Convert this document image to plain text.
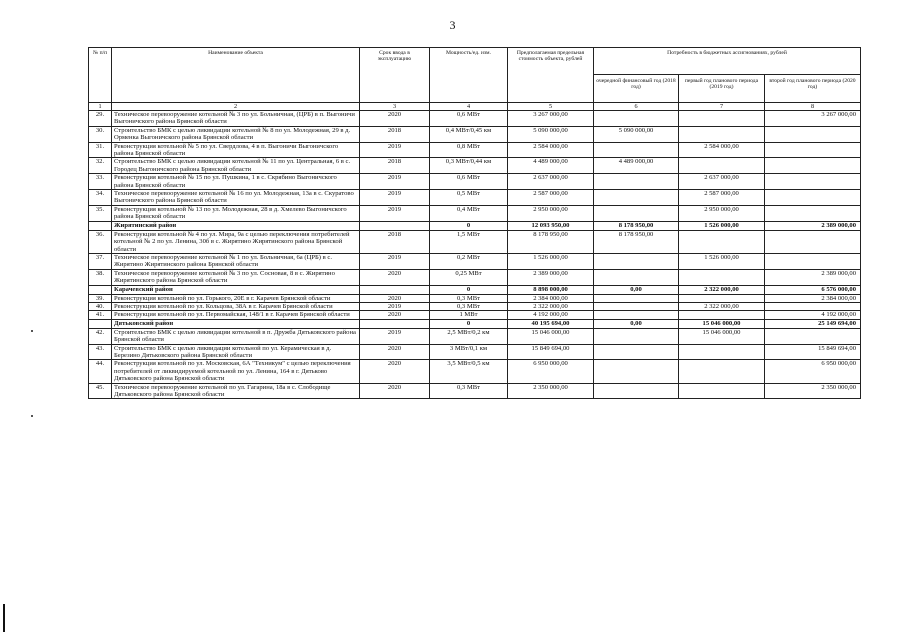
3
№ п/п	Наименование объекта	Срок ввода в эксплуатацию	Мощность/ед. изм.	Предполагаемая предельная стоимость объекта, рублей	Потребность в бюджетных ассигнованиях, рублей		
					очередной финансовый год (2018 год)	первый год планового периода (2019 год)	второй год планового периода (2020 год)
1	2	3	4	5	6	7	8
29.	Техническое перевооружение котельной № 3 по ул. Больничная, (ЦРБ) в п. Выгоничи Выгоничского района Брянской области	2020	0,6 МВт	3 267 000,00			3 267 000,00
30.	Строительство БМК с целью ликвидации котельной № 8 по ул. Молодежная, 29 в д. Орменка Выгоничского района Брянской области	2018	0,4 МВт/0,45 км	5 090 000,00	5 090 000,00		
31.	Реконструкция котельной № 5 по ул. Свердлова, 4 в п. Выгоничи Выгоничского района Брянской области	2019	0,8 МВт	2 584 000,00		2 584 000,00	
32.	Строительство БМК с целью ликвидации котельной № 11 по ул. Центральная, 6 в с. Городец Выгоничского района Брянской области	2018	0,3 МВт/0,44 км	4 489 000,00	4 489 000,00		
33.	Реконструкция котельной № 15 по ул. Пушкина, 1 в с. Скрябино Выгоничского района Брянской области	2019	0,6 МВт	2 637 000,00		2 637 000,00	
34.	Техническое перевооружение котельной № 16 по ул. Молодежная, 13а в с. Скуратово Выгоничского района Брянской области	2019	0,5 МВт	2 587 000,00		2 587 000,00	
35.	Реконструкция котельной № 13 по ул. Молодежная, 28 в д. Хмелево Выгоничского района Брянской области	2019	0,4 МВт	2 950 000,00		2 950 000,00	
	Жирятинский район		0	12 093 950,00	8 178 950,00	1 526 000,00	2 389 000,00
36.	Реконструкция котельной № 4 по ул. Мира, 9а с целью переключения потребителей котельной № 2 по ул. Ленина, 30б в с. Жирятино Жирятинского района Брянской области	2018	1,5 МВт	8 178 950,00	8 178 950,00		
37.	Техническое перевооружение котельной № 1 по ул. Больничная, 6а (ЦРБ) в с. Жирятино Жирятинского района Брянской области	2019	0,2 МВт	1 526 000,00		1 526 000,00	
38.	Техническое перевооружение котельной № 3 по ул. Сосновая, 8 в с. Жирятино Жирятинского района Брянской области	2020	0,25 МВт	2 389 000,00			2 389 000,00
	Карачевский район		0	8 898 000,00	0,00	2 322 000,00	6 576 000,00
39.	Реконструкция котельной по ул. Горького, 20Е в г. Карачев Брянской области	2020	0,3 МВт	2 384 000,00			2 384 000,00
40.	Реконструкция котельной по ул. Кольцова, 38А в г. Карачев Брянской области	2019	0,3 МВт	2 322 000,00		2 322 000,00	
41.	Реконструкция котельной по ул. Первомайская, 148/1 в г. Карачев Брянской области	2020	1 МВт	4 192 000,00			4 192 000,00
	Дятьковский район		0	40 195 694,00	0,00	15 046 000,00	25 149 694,00
42.	Строительство БМК с целью ликвидации котельной в п. Дружба Дятьковского района Брянской области	2019	2,5 МВт/0,2 км	15 046 000,00		15 046 000,00	
43.	Строительство БМК с целью ликвидации котельной по ул. Керамическая в д. Березино Дятьковского района Брянской области	2020	3 МВт/0,1 км	15 849 694,00			15 849 694,00
44.	Реконструкция котельной по ул. Московская, 6А "Техникум" с целью переключения потребителей от ликвидируемой котельной по ул. Ленина, 164 в г. Дятьково Дятьковского района Брянской области	2020	3,5 МВт/0,5 км	6 950 000,00			6 950 000,00
45.	Техническое перевооружение котельной по ул. Гагарина, 18а в с. Слободище Дятьковского района Брянской области	2020	0,3 МВт	2 350 000,00			2 350 000,00
